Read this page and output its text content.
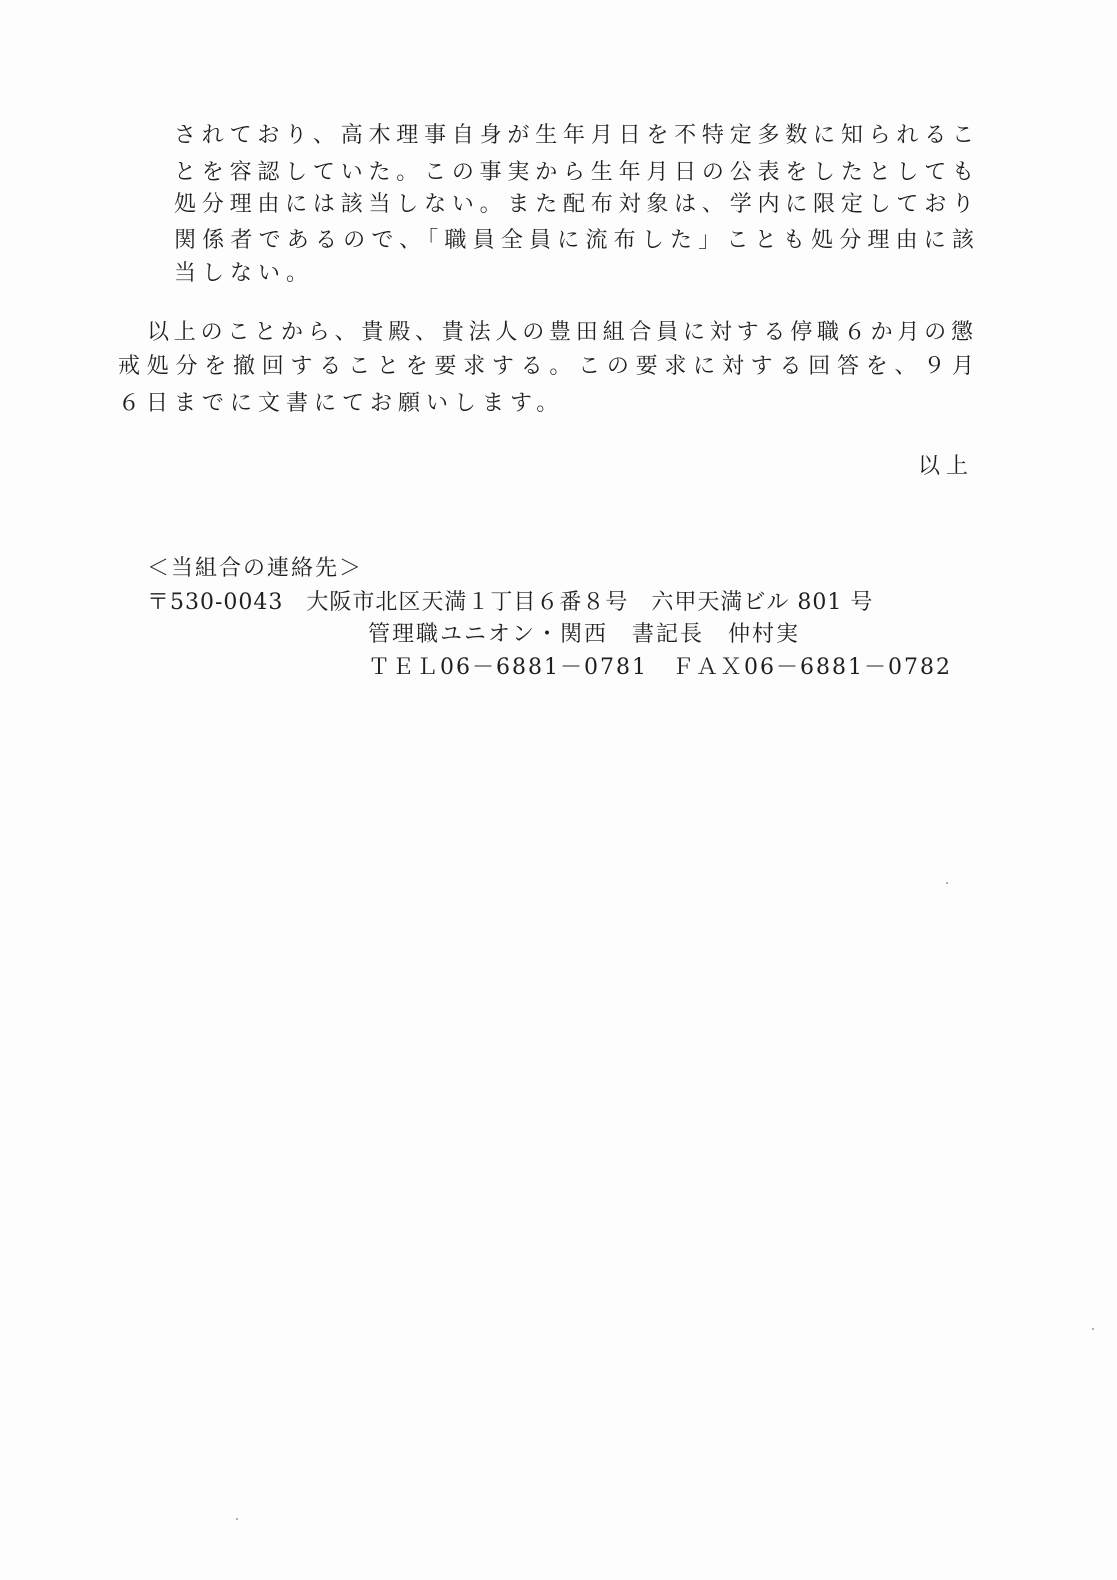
されており、高木理事自身が生年月日を不特定多数に知られるこ
とを容認していた。この事実から生年月日の公表をしたとしても
処分理由には該当しない。また配布対象は、学内に限定しており
関係者であるので、「職員全員に流布した」ことも処分理由に該
当しない。
以上のことから、貴殿、貴法人の豊田組合員に対する停職６か月の懲
戒処分を撤回することを要求する。この要求に対する回答を、９月
６日までに文書にてお願いします。
以上
＜当組合の連絡先＞
〒530-0043　大阪市北区天満１丁目６番８号　六甲天満ビル 801 号
管理職ユニオン・関西　書記長　仲村実
ＴＥＬ06－6881－0781　ＦＡＸ06－6881－0782
